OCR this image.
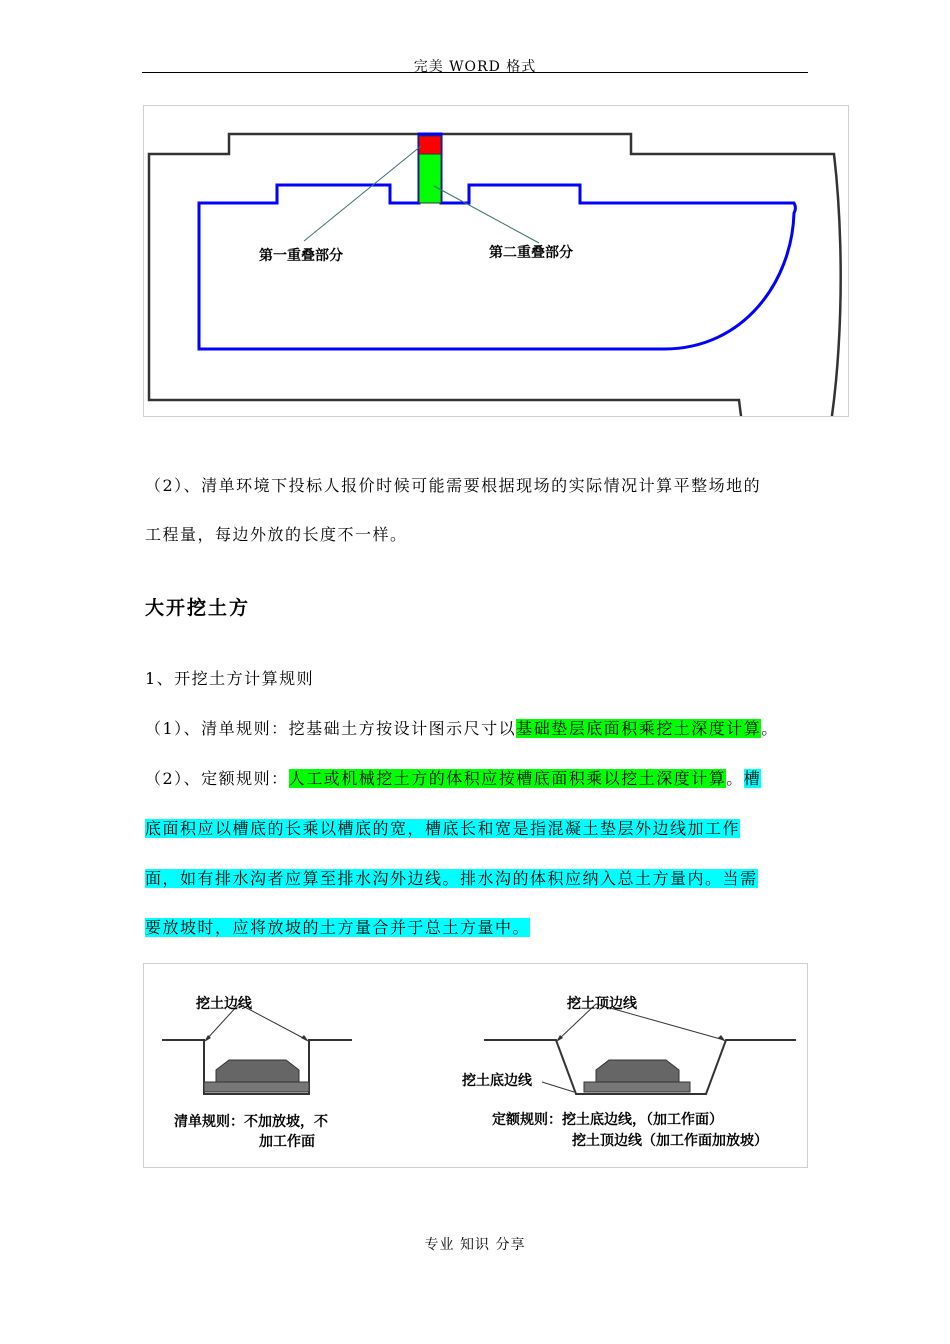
完美 WORD 格式
第一重叠部分	第二重叠部分
（2）、清单环境下投标人报价时候可能需要根据现场的实际情况计算平整场地的
工程量，每边外放的长度不一样。
大开挖土方
1、开挖土方计算规则
（1）、清单规则：挖基础土方按设计图示尺寸以基础垫层底面积乘挖土深度计算。
（2）、定额规则：人工或机械挖土方的体积应按槽底面积乘以挖土深度计算。槽
底面积应以槽底的长乘以槽底的宽，槽底长和宽是指混凝土垫层外边线加工作
面，如有排水沟者应算至排水沟外边线。排水沟的体积应纳入总土方量内。当需
要放坡时，应将放坡的土方量合并于总土方量中。
挖土边线
清单规则：不加放坡，不
加工作面
挖土顶边线
挖土底边线
定额规则：挖土底边线，（加工作面）
挖土顶边线（加工作面加放坡）
专业 知识 分享
